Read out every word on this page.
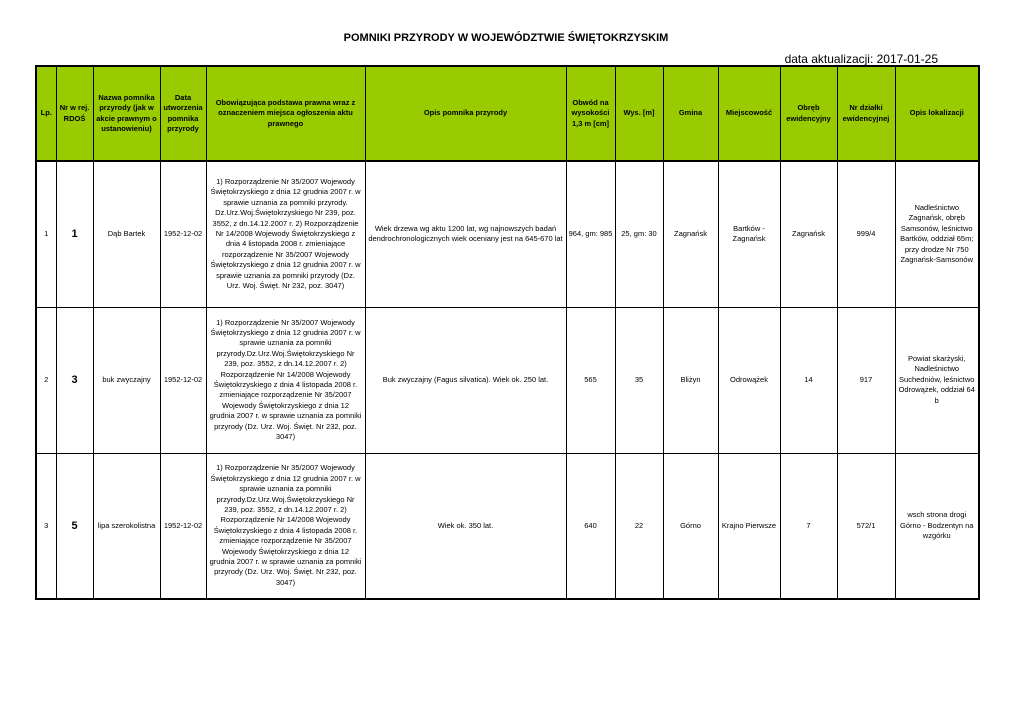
POMNIKI PRZYRODY W WOJEWÓDZTWIE ŚWIĘTOKRZYSKIM
data aktualizacji: 2017-01-25
Lp.	Nr w rej. RDOŚ	Nazwa pomnika przyrody (jak w akcie prawnym o ustanowieniu)	Data utworzenia pomnika przyrody	Obowiązująca podstawa prawna wraz z oznaczeniem miejsca ogłoszenia aktu prawnego	Opis pomnika przyrody	Obwód na wysokości 1,3 m [cm]	Wys. [m]	Gmina	Miejscowość	Obręb ewidencyjny	Nr działki ewidencyjnej	Opis lokalizacji
1	1	Dąb Bartek	1952-12-02	1) Rozporządzenie Nr 35/2007 Wojewody Świętokrzyskiego z dnia 12 grudnia 2007 r. w sprawie uznania za pomniki przyrody. Dz.Urz.Woj.Świętokrzyskiego Nr 239, poz. 3552, z dn.14.12.2007 r. 2) Rozporządzenie Nr 14/2008 Wojewody Świętokrzyskiego z dnia 4 listopada 2008 r. zmieniające rozporządzenie Nr 35/2007 Wojewody Świętokrzyskiego z dnia 12 grudnia 2007 r. w sprawie uznania za pomniki przyrody (Dz. Urz. Woj. Święt. Nr 232, poz. 3047)	Wiek drzewa wg aktu 1200 lat, wg najnowszych badań dendrochronologicznych wiek oceniany jest na 645-670 lat	964, gm: 985	25, gm: 30	Zagnańsk	Bartków - Zagnańsk	Zagnańsk	999/4	Nadleśnictwo Zagnańsk, obręb Samsonów, leśnictwo Bartków, oddział 65m; przy drodze Nr 750 Zagnańsk-Samsonów
2	3	buk zwyczajny	1952-12-02	1) Rozporządzenie Nr 35/2007 Wojewody Świętokrzyskiego z dnia 12 grudnia 2007 r. w sprawie uznania za pomniki przyrody.Dz.Urz.Woj.Świętokrzyskiego Nr 239, poz. 3552, z dn.14.12.2007 r. 2) Rozporządzenie Nr 14/2008 Wojewody Świętokrzyskiego z dnia 4 listopada 2008 r. zmieniające rozporządzenie Nr 35/2007 Wojewody Świętokrzyskiego z dnia 12 grudnia 2007 r. w sprawie uznania za pomniki przyrody (Dz. Urz. Woj. Święt. Nr 232, poz. 3047)	Buk zwyczajny (Fagus silvatica). Wiek ok. 250 lat.	565	35	Bliżyn	Odrowążek	14	917	Powiat skarżyski, Nadleśnictwo Suchedniów, leśnictwo Odrowążek, oddział 64 b
3	5	lipa szerokolistna	1952-12-02	1) Rozporządzenie Nr 35/2007 Wojewody Świętokrzyskiego z dnia 12 grudnia 2007 r. w sprawie uznania za pomniki przyrody.Dz.Urz.Woj.Świętokrzyskiego Nr 239, poz. 3552, z dn.14.12.2007 r. 2) Rozporządzenie Nr 14/2008 Wojewody Świętokrzyskiego z dnia 4 listopada 2008 r. zmieniające rozporządzenie Nr 35/2007 Wojewody Świętokrzyskiego z dnia 12 grudnia 2007 r. w sprawie uznania za pomniki przyrody (Dz. Urz. Woj. Święt. Nr 232, poz. 3047)	Wiek ok. 350 lat.	640	22	Górno	Krajno Pierwsze	7	572/1	wsch strona drogi Górno - Bodzentyn na wzgórku
